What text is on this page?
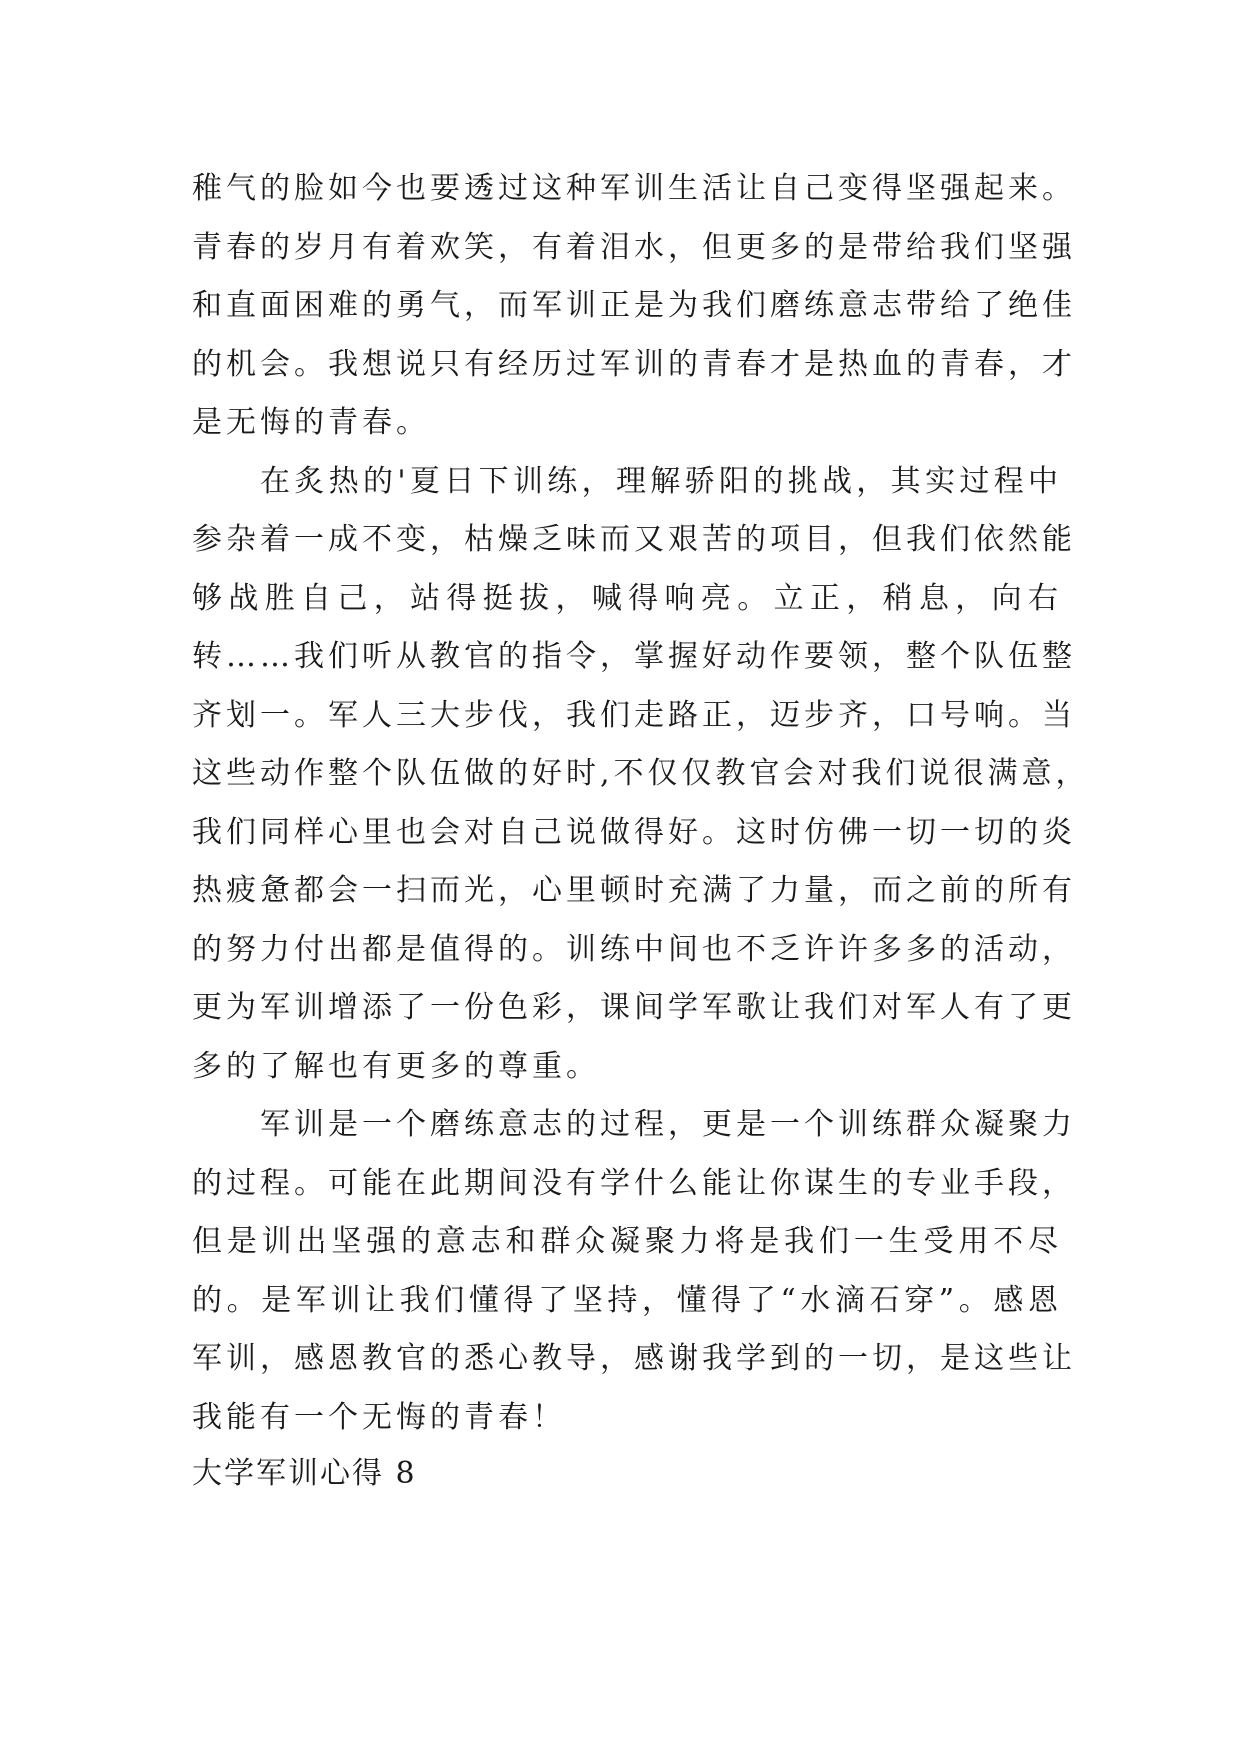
稚气的脸如今也要透过这种军训生活让自己变得坚强起来。
青春的岁月有着欢笑，有着泪水，但更多的是带给我们坚强
和直面困难的勇气，而军训正是为我们磨练意志带给了绝佳
的机会。我想说只有经历过军训的青春才是热血的青春，才
是无悔的青春。
在炙热的'夏日下训练，理解骄阳的挑战，其实过程中
参杂着一成不变，枯燥乏味而又艰苦的项目，但我们依然能
够战胜自己，站得挺拔，喊得响亮。立正，稍息，向右
转……我们听从教官的指令，掌握好动作要领，整个队伍整
齐划一。军人三大步伐，我们走路正，迈步齐，口号响。当
这些动作整个队伍做的好时,不仅仅教官会对我们说很满意，
我们同样心里也会对自己说做得好。这时仿佛一切一切的炎
热疲惫都会一扫而光，心里顿时充满了力量，而之前的所有
的努力付出都是值得的。训练中间也不乏许许多多的活动，
更为军训增添了一份色彩，课间学军歌让我们对军人有了更
多的了解也有更多的尊重。
军训是一个磨练意志的过程，更是一个训练群众凝聚力
的过程。可能在此期间没有学什么能让你谋生的专业手段，
但是训出坚强的意志和群众凝聚力将是我们一生受用不尽
的。是军训让我们懂得了坚持，懂得了“水滴石穿”。感恩
军训，感恩教官的悉心教导，感谢我学到的一切，是这些让
我能有一个无悔的青春！
大学军训心得 8
